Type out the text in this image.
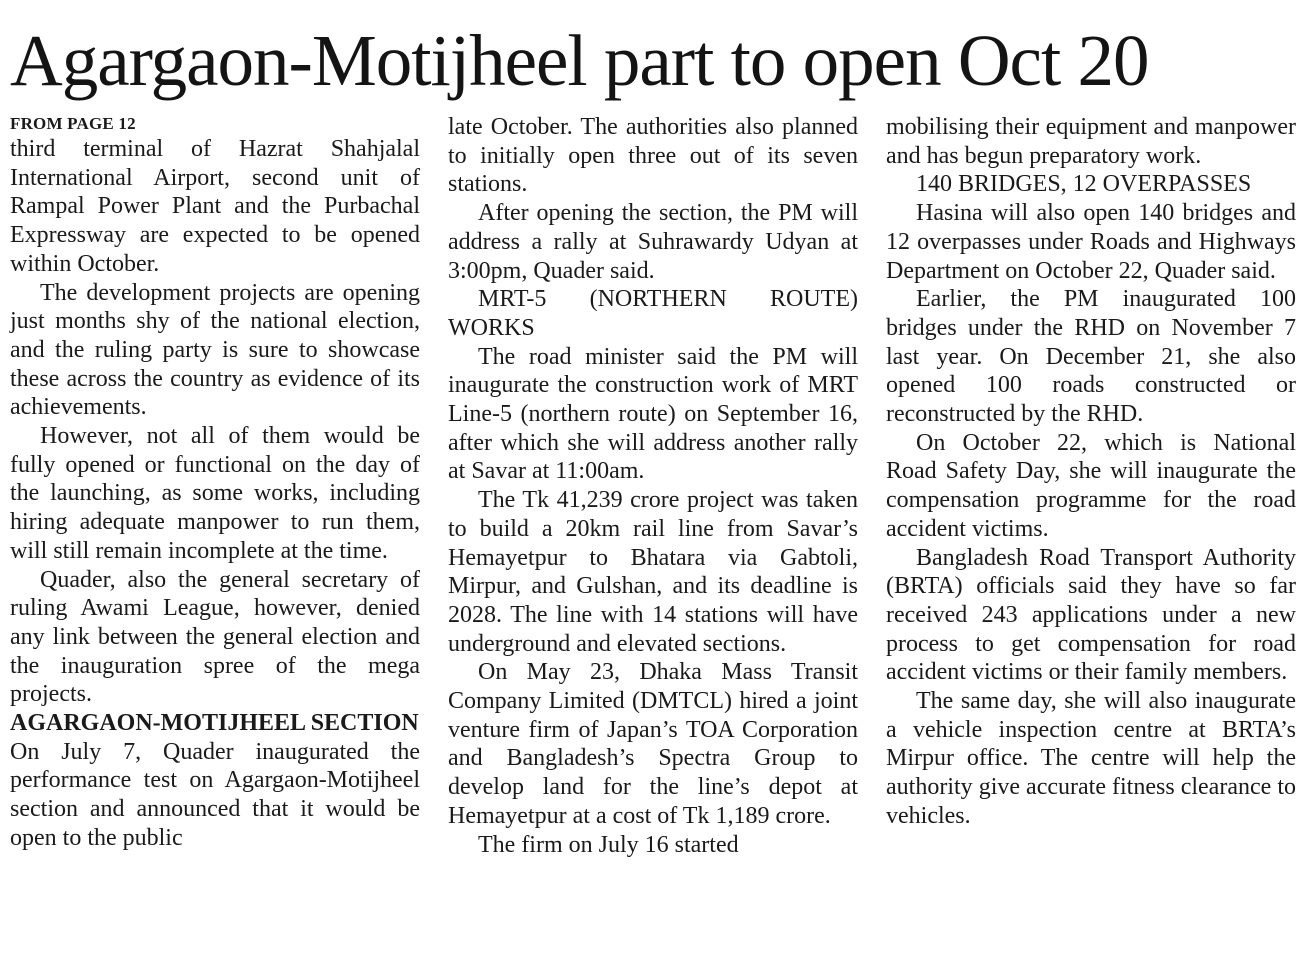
Agargaon-Motijheel part to open Oct 20

FROM PAGE 12

third terminal of Hazrat Shahjalal International Airport, second unit of Rampal Power Plant and the Purbachal Expressway are expected to be opened within October.

The development projects are opening just months shy of the national election, and the ruling party is sure to showcase these across the country as evidence of its achievements.

However, not all of them would be fully opened or functional on the day of the launching, as some works, including hiring adequate manpower to run them, will still remain incomplete at the time.

Quader, also the general secretary of ruling Awami League, however, denied any link between the general election and the inauguration spree of the mega projects.

AGARGAON-MOTIJHEEL SECTION

On July 7, Quader inaugurated the performance test on Agargaon-Motijheel section and announced that it would be open to the public

late October. The authorities also planned to initially open three out of its seven stations.

After opening the section, the PM will address a rally at Suhrawardy Udyan at 3:00pm, Quader said.

MRT-5 (NORTHERN ROUTE) WORKS

The road minister said the PM will inaugurate the construction work of MRT Line-5 (northern route) on September 16, after which she will address another rally at Savar at 11:00am.

The Tk 41,239 crore project was taken to build a 20km rail line from Savar’s Hemayetpur to Bhatara via Gabtoli, Mirpur, and Gulshan, and its deadline is 2028. The line with 14 stations will have underground and elevated sections.

On May 23, Dhaka Mass Transit Company Limited (DMTCL) hired a joint venture firm of Japan’s TOA Corporation and Bangladesh’s Spectra Group to develop land for the line’s depot at Hemayetpur at a cost of Tk 1,189 crore.

The firm on July 16 started

mobilising their equipment and manpower and has begun preparatory work.

140 BRIDGES, 12 OVERPASSES

Hasina will also open 140 bridges and 12 overpasses under Roads and Highways Department on October 22, Quader said.

Earlier, the PM inaugurated 100 bridges under the RHD on November 7 last year. On December 21, she also opened 100 roads constructed or reconstructed by the RHD.

On October 22, which is National Road Safety Day, she will inaugurate the compensation programme for the road accident victims.

Bangladesh Road Transport Authority (BRTA) officials said they have so far received 243 applications under a new process to get compensation for road accident victims or their family members.

The same day, she will also inaugurate a vehicle inspection centre at BRTA’s Mirpur office. The centre will help the authority give accurate fitness clearance to vehicles.
